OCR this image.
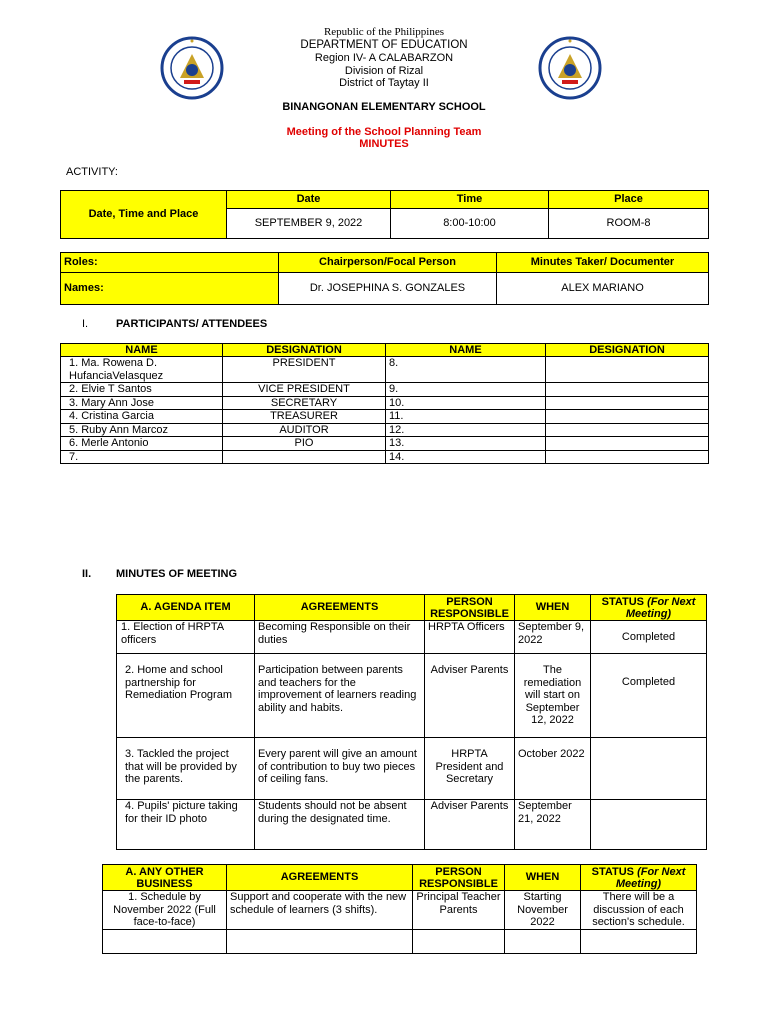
Republic of the Philippines
DEPARTMENT OF EDUCATION
Region IV- A CALABARZON
Division of Rizal
District of Taytay II
BINANGONAN ELEMENTARY SCHOOL
Meeting of the School Planning Team
MINUTES
ACTIVITY:
Date, Time and Place	Date	Time	Place
	SEPTEMBER 9, 2022	8:00-10:00	ROOM-8
Roles:	Chairperson/Focal Person	Minutes Taker/ Documenter
Names:	Dr. JOSEPHINA S. GONZALES	ALEX MARIANO
I.	PARTICIPANTS/ ATTENDEES
NAME	DESIGNATION	NAME	DESIGNATION
1. Ma. Rowena D. HufanciaVelasquez	PRESIDENT	8.	
2. Elvie T Santos	VICE PRESIDENT	9.	
3. Mary Ann Jose	SECRETARY	10.	
4. Cristina Garcia	TREASURER	11.	
5. Ruby Ann Marcoz	AUDITOR	12.	
6. Merle Antonio	PIO	13.	
7.		14.	
II. MINUTES OF MEETING
A. AGENDA ITEM	AGREEMENTS	PERSON RESPONSIBLE	WHEN	STATUS (For Next Meeting)
1. Election of HRPTA officers	Becoming Responsible on their duties	HRPTA Officers	September 9, 2022	Completed
2. Home and school partnership for Remediation Program	Participation between parents and teachers for the improvement of learners reading ability and habits.	Adviser Parents	The remediation will start on September 12, 2022	Completed
3. Tackled the project that will be provided by the parents.	Every parent will give an amount of contribution to buy two pieces of ceiling fans.	HRPTA President and Secretary	October 2022	
4. Pupils' picture taking for their ID photo	Students should not be absent during the designated time.	Adviser Parents	September 21, 2022	
A. ANY OTHER BUSINESS	AGREEMENTS	PERSON RESPONSIBLE	WHEN	STATUS (For Next Meeting)
1. Schedule by November 2022 (Full face-to-face)	Support and cooperate with the new schedule of learners (3 shifts).	Principal Teacher Parents	Starting November 2022	There will be a discussion of each section's schedule.
